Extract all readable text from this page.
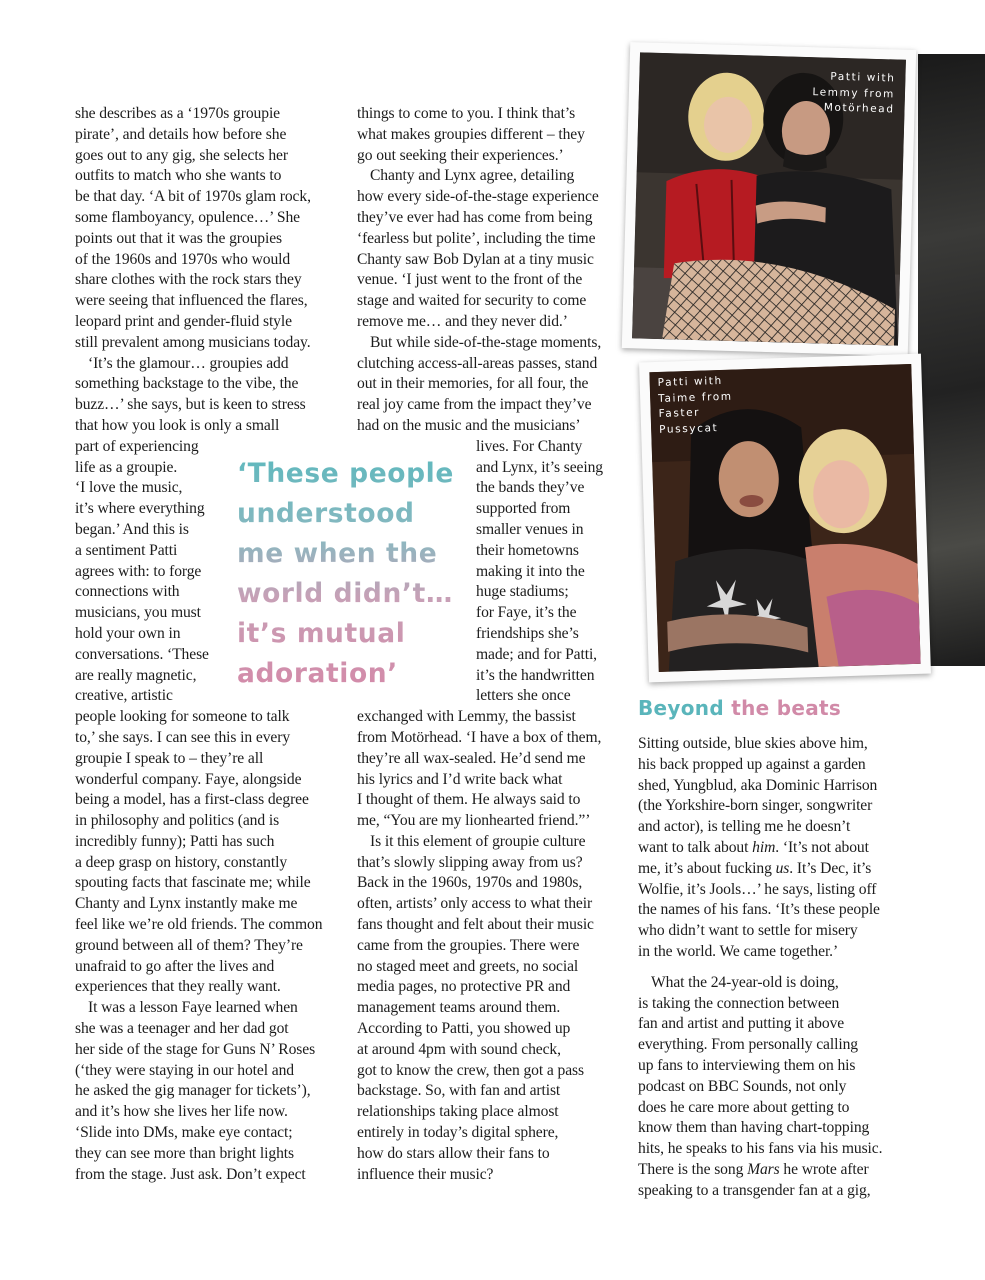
Patti with
Lemmy from
Motörhead
Patti with
Taime from
Faster
Pussycat

she describes as a ‘1970s groupie
pirate’, and details how before she
goes out to any gig, she selects her
outfits to match who she wants to
be that day. ‘A bit of 1970s glam rock,
some flamboyancy, opulence…’ She
points out that it was the groupies
of the 1960s and 1970s who would
share clothes with the rock stars they
were seeing that influenced the flares,
leopard print and gender-fluid style
still prevalent among musicians today.

‘It’s the glamour… groupies add
something backstage to the vibe, the
buzz…’ she says, but is keen to stress
that how you look is only a small
part of experiencing
life as a groupie.
‘I love the music,
it’s where everything
began.’ And this is
a sentiment Patti
agrees with: to forge
connections with
musicians, you must
hold your own in
conversations. ‘These
are really magnetic,
creative, artistic
people looking for someone to talk
to,’ she says. I can see this in every
groupie I speak to – they’re all
wonderful company. Faye, alongside
being a model, has a first-class degree
in philosophy and politics (and is
incredibly funny); Patti has such
a deep grasp on history, constantly
spouting facts that fascinate me; while
Chanty and Lynx instantly make me
feel like we’re old friends. The common
ground between all of them? They’re
unafraid to go after the lives and
experiences that they really want.

It was a lesson Faye learned when
she was a teenager and her dad got
her side of the stage for Guns N’ Roses
(‘they were staying in our hotel and
he asked the gig manager for tickets’),
and it’s how she lives her life now.
‘Slide into DMs, make eye contact;
they can see more than bright lights
from the stage. Just ask. Don’t expect

‘These people
understood
me when the
world didn’t…
it’s mutual
adoration’

things to come to you. I think that’s
what makes groupies different – they
go out seeking their experiences.’

Chanty and Lynx agree, detailing
how every side-of-the-stage experience
they’ve ever had has come from being
‘fearless but polite’, including the time
Chanty saw Bob Dylan at a tiny music
venue. ‘I just went to the front of the
stage and waited for security to come
remove me… and they never did.’

But while side-of-the-stage moments,
clutching access-all-areas passes, stand
out in their memories, for all four, the
real joy came from the impact they’ve
had on the music and the musicians’
lives. For Chanty
and Lynx, it’s seeing
the bands they’ve
supported from
smaller venues in
their hometowns
making it into the
huge stadiums;
for Faye, it’s the
friendships she’s
made; and for Patti,
it’s the handwritten
letters she once
exchanged with Lemmy, the bassist
from Motörhead. ‘I have a box of them,
they’re all wax-sealed. He’d send me
his lyrics and I’d write back what
I thought of them. He always said to
me, “You are my lionhearted friend.”’

Is it this element of groupie culture
that’s slowly slipping away from us?
Back in the 1960s, 1970s and 1980s,
often, artists’ only access to what their
fans thought and felt about their music
came from the groupies. There were
no staged meet and greets, no social
media pages, no protective PR and
management teams around them.
According to Patti, you showed up
at around 4pm with sound check,
got to know the crew, then got a pass
backstage. So, with fan and artist
relationships taking place almost
entirely in today’s digital sphere,
how do stars allow their fans to
influence their music?

Beyond the beats

Sitting outside, blue skies above him,
his back propped up against a garden
shed, Yungblud, aka Dominic Harrison
(the Yorkshire-born singer, songwriter
and actor), is telling me he doesn’t
want to talk about him. ‘It’s not about
me, it’s about fucking us. It’s Dec, it’s
Wolfie, it’s Jools…’ he says, listing off
the names of his fans. ‘It’s these people
who didn’t want to settle for misery
in the world. We came together.’

What the 24-year-old is doing,
is taking the connection between
fan and artist and putting it above
everything. From personally calling
up fans to interviewing them on his
podcast on BBC Sounds, not only
does he care more about getting to
know them than having chart-topping
hits, he speaks to his fans via his music.
There is the song Mars he wrote after
speaking to a transgender fan at a gig,
